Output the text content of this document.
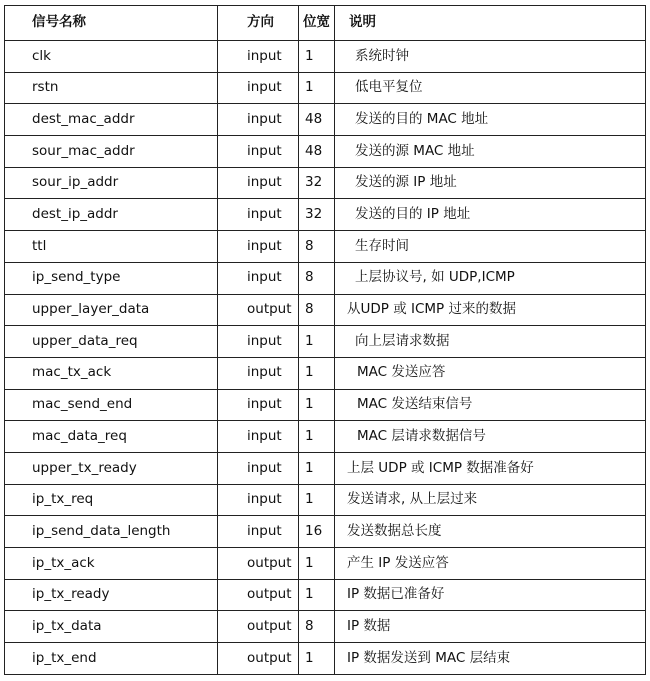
信号名称	方向	位宽	说明
clk	input	1	系统时钟
rstn	input	1	低电平复位
dest_mac_addr	input	48	发送的目的 MAC 地址
sour_mac_addr	input	48	发送的源 MAC 地址
sour_ip_addr	input	32	发送的源 IP 地址
dest_ip_addr	input	32	发送的目的 IP 地址
ttl	input	8	生存时间
ip_send_type	input	8	上层协议号, 如 UDP,ICMP
upper_layer_data	output	8	从UDP 或 ICMP 过来的数据
upper_data_req	input	1	向上层请求数据
mac_tx_ack	input	1	MAC 发送应答
mac_send_end	input	1	MAC 发送结束信号
mac_data_req	input	1	MAC 层请求数据信号
upper_tx_ready	input	1	上层 UDP 或 ICMP 数据准备好
ip_tx_req	input	1	发送请求, 从上层过来
ip_send_data_length	input	16	发送数据总长度
ip_tx_ack	output	1	产生 IP 发送应答
ip_tx_ready	output	1	IP 数据已准备好
ip_tx_data	output	8	IP 数据
ip_tx_end	output	1	IP 数据发送到 MAC 层结束
